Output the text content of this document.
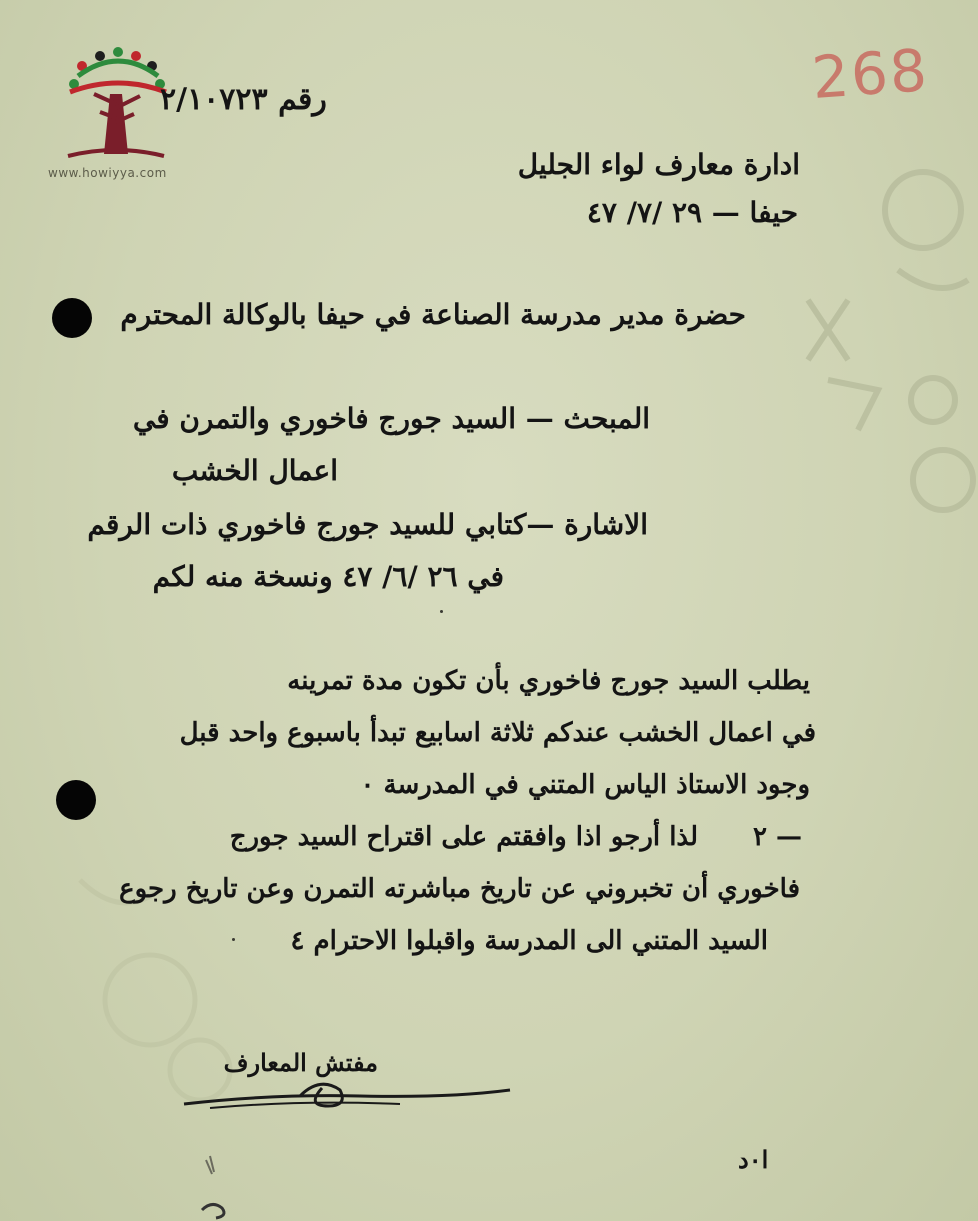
www.howiyya.com
268
رقم ٢/١٠٧٢٣
ادارة معارف لواء الجليل
حيفا — ٢٩ /٧/ ٤٧
حضرة مدير مدرسة الصناعة في حيفا بالوكالة المحترم
المبحث — السيد جورج فاخوري والتمرن في
اعمال الخشب
الاشارة —كتابي للسيد جورج فاخوري ذات الرقم
في ٢٦ /٦/ ٤٧ ونسخة منه لكم
يطلب السيد جورج فاخوري بأن تكون مدة تمرينه
في اعمال الخشب عندكم ثلاثة اسابيع تبدأ باسبوع واحد قبل
وجود الاستاذ الياس المتني في المدرسة ٠
٢ —
لذا أرجو اذا وافقتم على اقتراح السيد جورج
فاخوري أن تخبروني عن تاريخ مباشرته التمرن وعن تاريخ رجوع
السيد المتني الى المدرسة واقبلوا الاحترام ٤
مفتش المعارف
ا٠د
